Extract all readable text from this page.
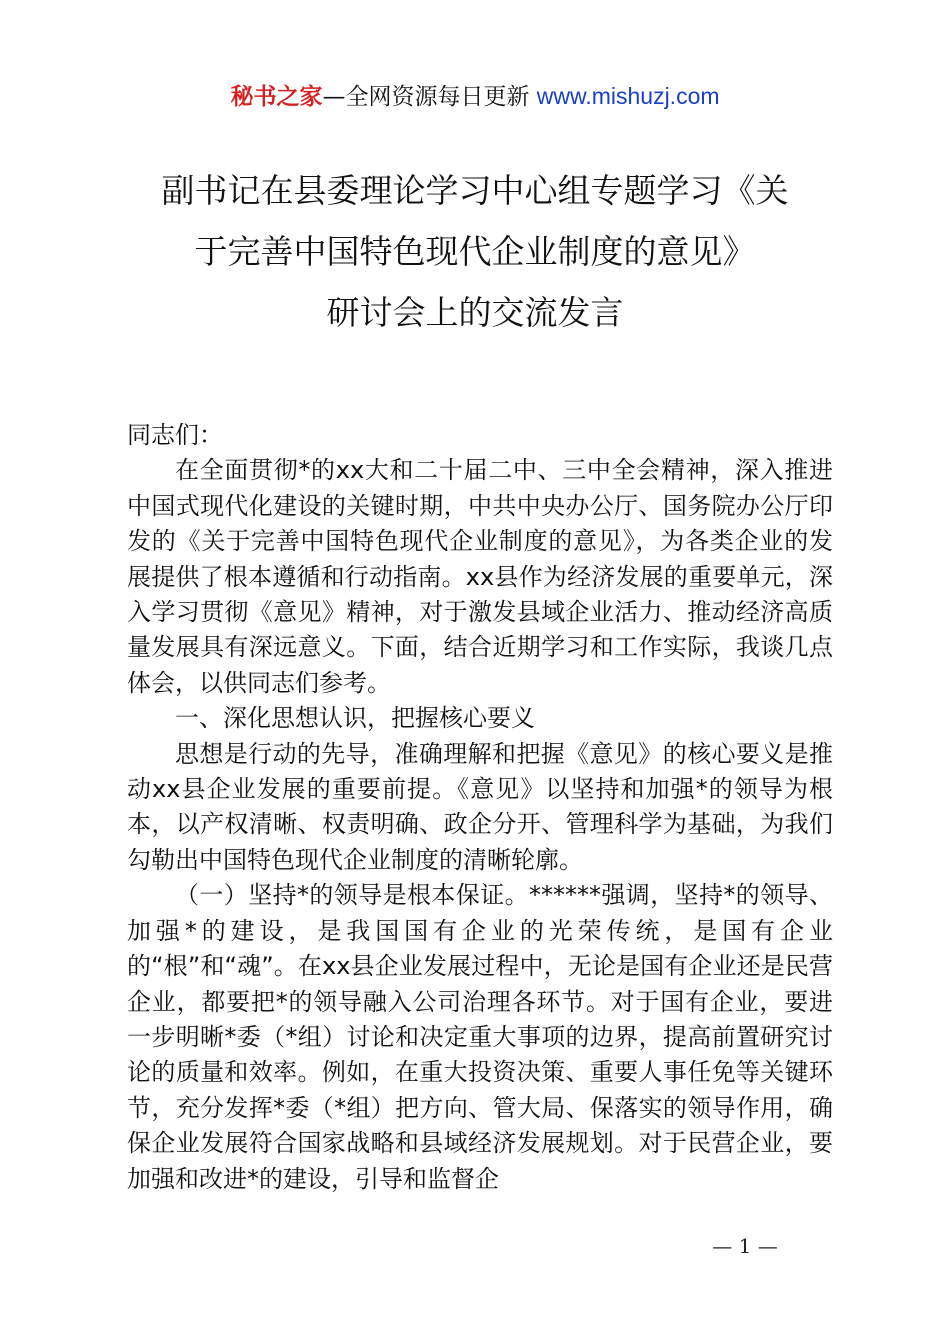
秘书之家—全网资源每日更新 www.mishuzj.com
副书记在县委理论学习中心组专题学习《关
于完善中国特色现代企业制度的意见》
研讨会上的交流发言

同志们：

在全面贯彻*的xx大和二十届二中、三中全会精神，深入推进中国式现代化建设的关键时期，中共中央办公厅、国务院办公厅印发的《关于完善中国特色现代企业制度的意见》，为各类企业的发展提供了根本遵循和行动指南。xx县作为经济发展的重要单元，深入学习贯彻《意见》精神，对于激发县域企业活力、推动经济高质量发展具有深远意义。下面，结合近期学习和工作实际，我谈几点体会，以供同志们参考。

一、深化思想认识，把握核心要义

思想是行动的先导，准确理解和把握《意见》的核心要义是推动xx县企业发展的重要前提。《意见》以坚持和加强*的领导为根本，以产权清晰、权责明确、政企分开、管理科学为基础，为我们勾勒出中国特色现代企业制度的清晰轮廓。

（一）坚持*的领导是根本保证。******强调，坚持*的领导、加强*的建设，是我国国有企业的光荣传统，是国有企业的“根”和“魂”。在xx县企业发展过程中，无论是国有企业还是民营企业，都要把*的领导融入公司治理各环节。对于国有企业，要进一步明晰*委（*组）讨论和决定重大事项的边界，提高前置研究讨论的质量和效率。例如，在重大投资决策、重要人事任免等关键环节，充分发挥*委（*组）把方向、管大局、保落实的领导作用，确保企业发展符合国家战略和县域经济发展规划。对于民营企业，要加强和改进*的建设，引导和监督企

— 1 —
